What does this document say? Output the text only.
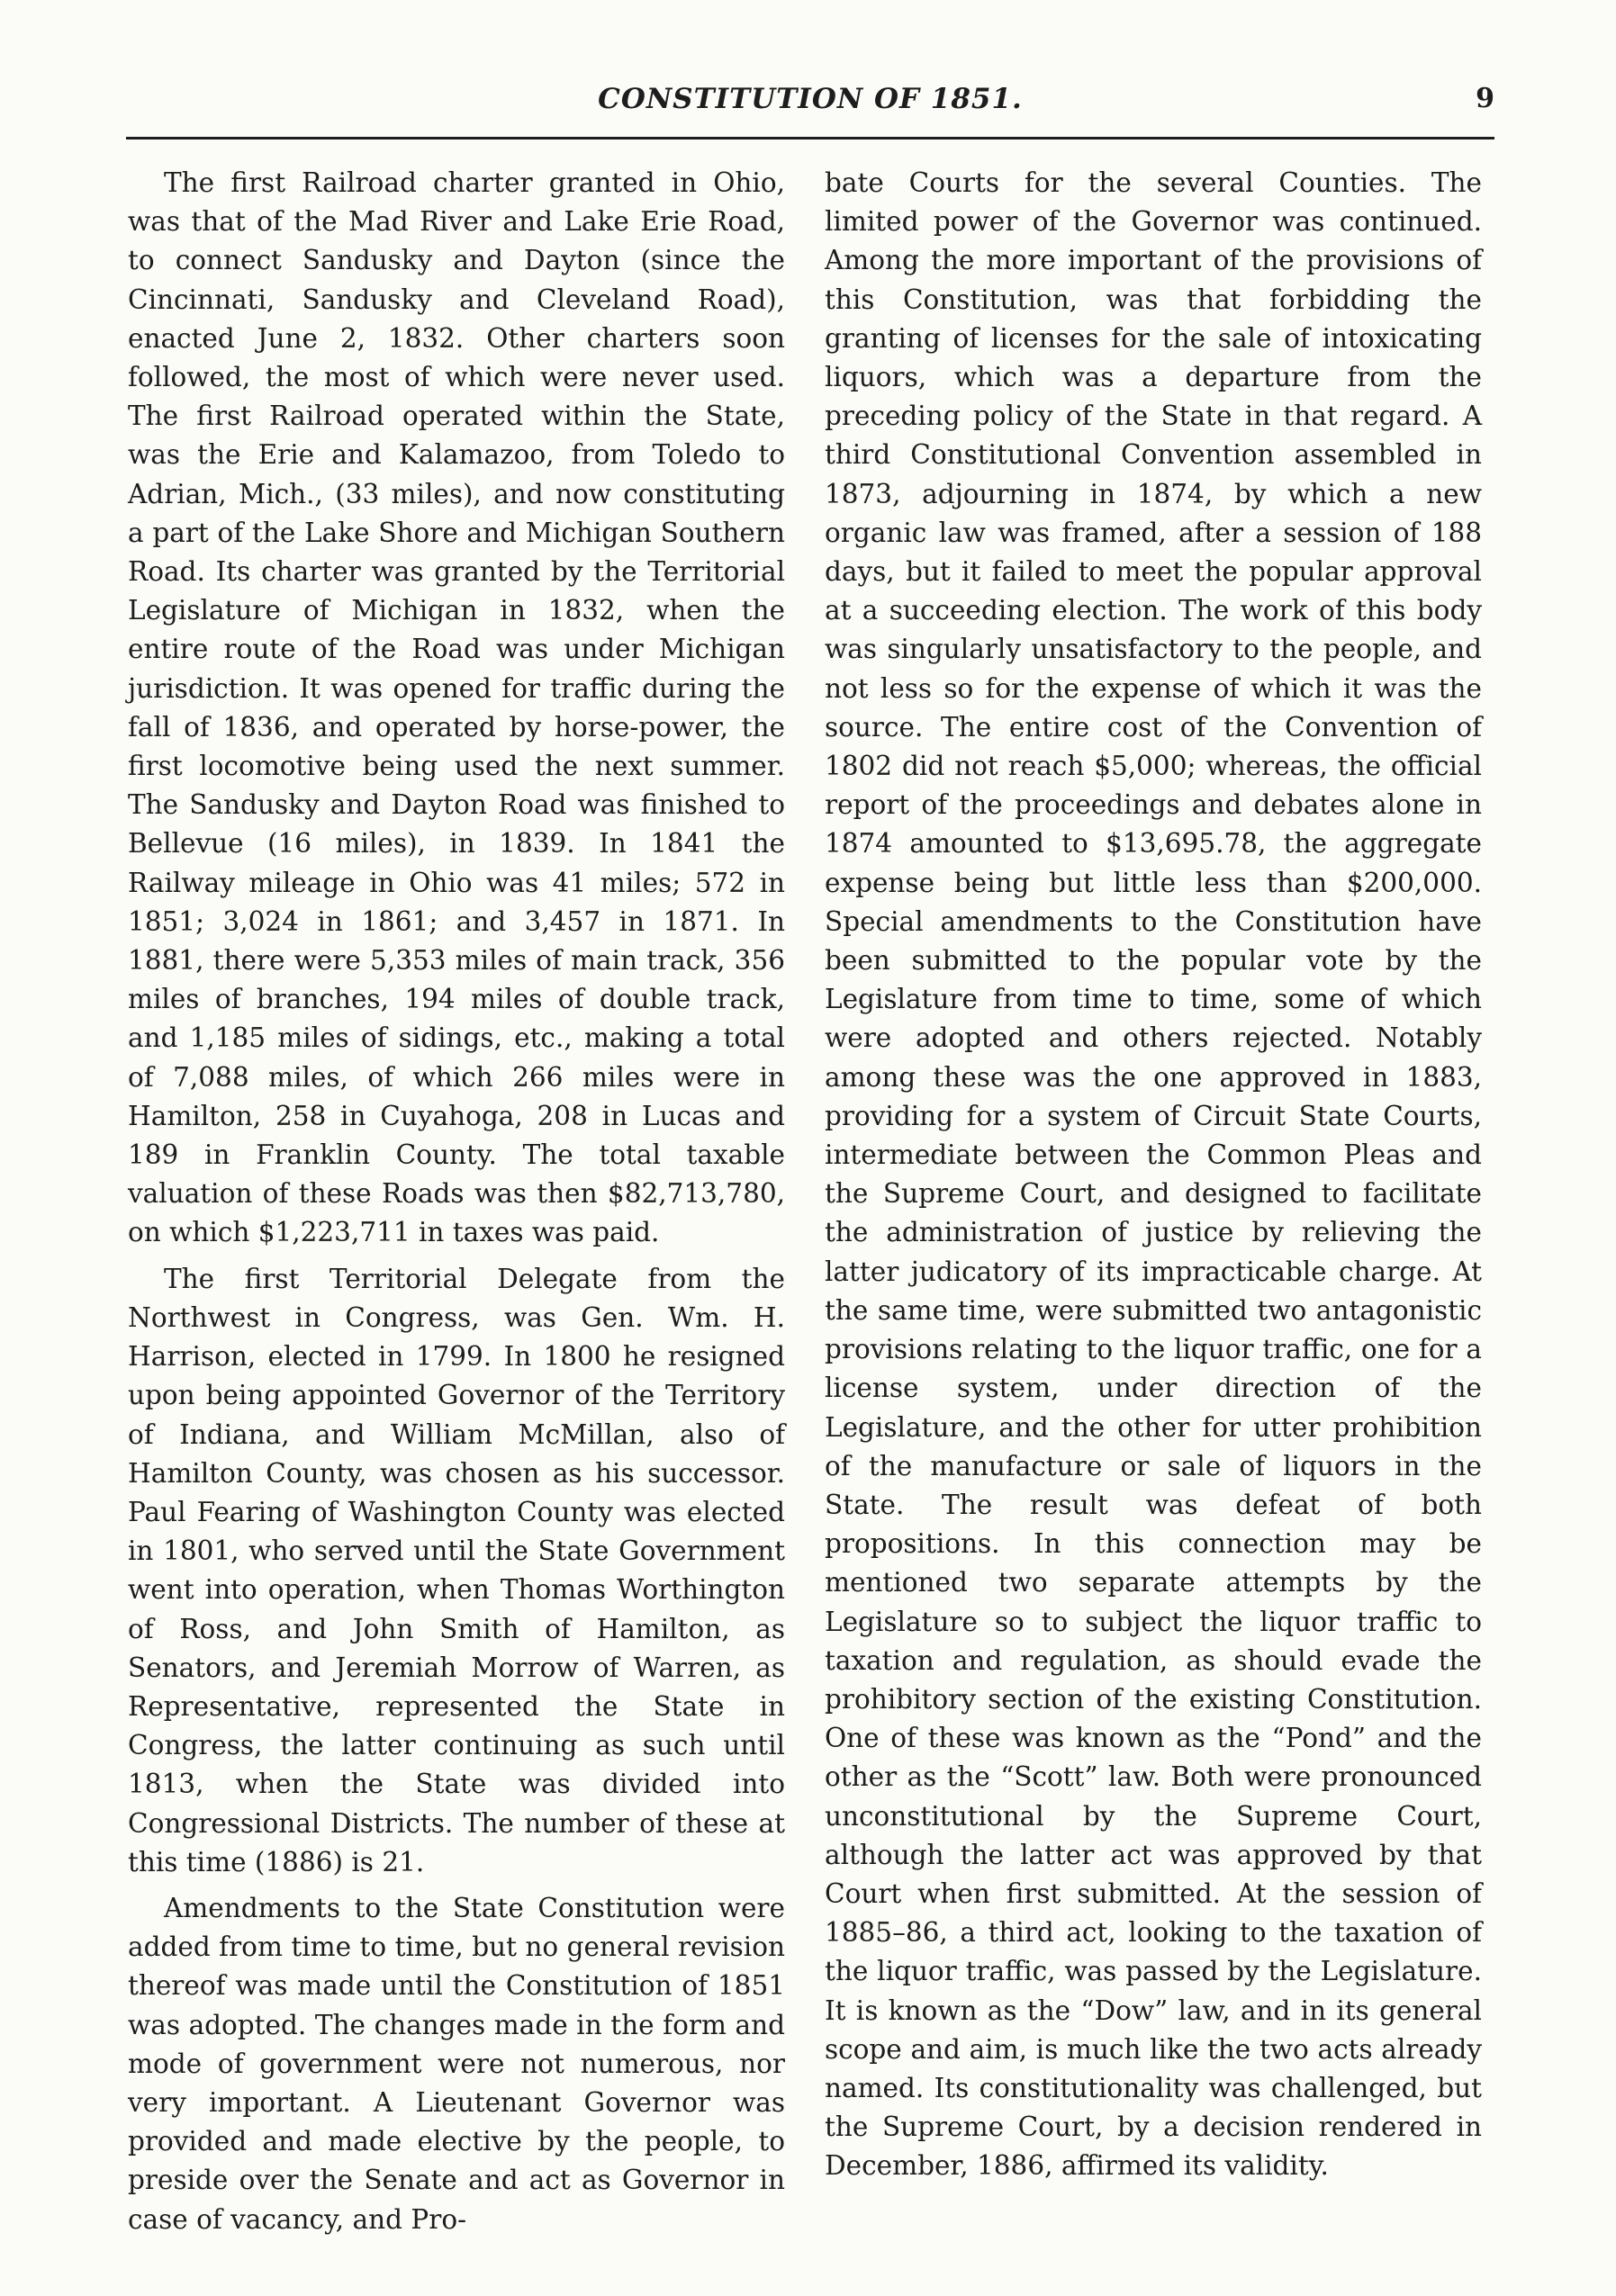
CONSTITUTION OF 1851.	9

The first Railroad charter granted in Ohio, was that of the Mad River and Lake Erie Road, to connect Sandusky and Dayton (since the Cincinnati, Sandusky and Cleveland Road), enacted June 2, 1832. Other charters soon followed, the most of which were never used. The first Railroad operated within the State, was the Erie and Kalamazoo, from Toledo to Adrian, Mich., (33 miles), and now constituting a part of the Lake Shore and Michigan Southern Road. Its charter was granted by the Territorial Legislature of Michigan in 1832, when the entire route of the Road was under Michigan jurisdiction. It was opened for traffic during the fall of 1836, and operated by horse-power, the first locomotive being used the next summer. The Sandusky and Dayton Road was finished to Bellevue (16 miles), in 1839. In 1841 the Railway mileage in Ohio was 41 miles; 572 in 1851; 3,024 in 1861; and 3,457 in 1871. In 1881, there were 5,353 miles of main track, 356 miles of branches, 194 miles of double track, and 1,185 miles of sidings, etc., making a total of 7,088 miles, of which 266 miles were in Hamilton, 258 in Cuyahoga, 208 in Lucas and 189 in Franklin County. The total taxable valuation of these Roads was then $82,713,780, on which $1,223,711 in taxes was paid.

The first Territorial Delegate from the Northwest in Congress, was Gen. Wm. H. Harrison, elected in 1799. In 1800 he resigned upon being appointed Governor of the Territory of Indiana, and William McMillan, also of Hamilton County, was chosen as his successor. Paul Fearing of Washington County was elected in 1801, who served until the State Government went into operation, when Thomas Worthington of Ross, and John Smith of Hamilton, as Senators, and Jeremiah Morrow of Warren, as Representative, represented the State in Congress, the latter continuing as such until 1813, when the State was divided into Congressional Districts. The number of these at this time (1886) is 21.

Amendments to the State Constitution were added from time to time, but no general revision thereof was made until the Constitution of 1851 was adopted. The changes made in the form and mode of government were not numerous, nor very important. A Lieutenant Governor was provided and made elective by the people, to preside over the Senate and act as Governor in case of vacancy, and Pro-

bate Courts for the several Counties. The limited power of the Governor was continued. Among the more important of the provisions of this Constitution, was that forbidding the granting of licenses for the sale of intoxicating liquors, which was a departure from the preceding policy of the State in that regard. A third Constitutional Convention assembled in 1873, adjourning in 1874, by which a new organic law was framed, after a session of 188 days, but it failed to meet the popular approval at a succeeding election. The work of this body was singularly unsatisfactory to the people, and not less so for the expense of which it was the source. The entire cost of the Convention of 1802 did not reach $5,000; whereas, the official report of the proceedings and debates alone in 1874 amounted to $13,695.78, the aggregate expense being but little less than $200,000. Special amendments to the Constitution have been submitted to the popular vote by the Legislature from time to time, some of which were adopted and others rejected. Notably among these was the one approved in 1883, providing for a system of Circuit State Courts, intermediate between the Common Pleas and the Supreme Court, and designed to facilitate the administration of justice by relieving the latter judicatory of its impracticable charge. At the same time, were submitted two antagonistic provisions relating to the liquor traffic, one for a license system, under direction of the Legislature, and the other for utter prohibition of the manufacture or sale of liquors in the State. The result was defeat of both propositions. In this connection may be mentioned two separate attempts by the Legislature so to subject the liquor traffic to taxation and regulation, as should evade the prohibitory section of the existing Constitution. One of these was known as the “Pond” and the other as the “Scott” law. Both were pronounced unconstitutional by the Supreme Court, although the latter act was approved by that Court when first submitted. At the session of 1885–86, a third act, looking to the taxation of the liquor traffic, was passed by the Legislature. It is known as the “Dow” law, and in its general scope and aim, is much like the two acts already named. Its constitutionality was challenged, but the Supreme Court, by a decision rendered in December, 1886, affirmed its validity.
